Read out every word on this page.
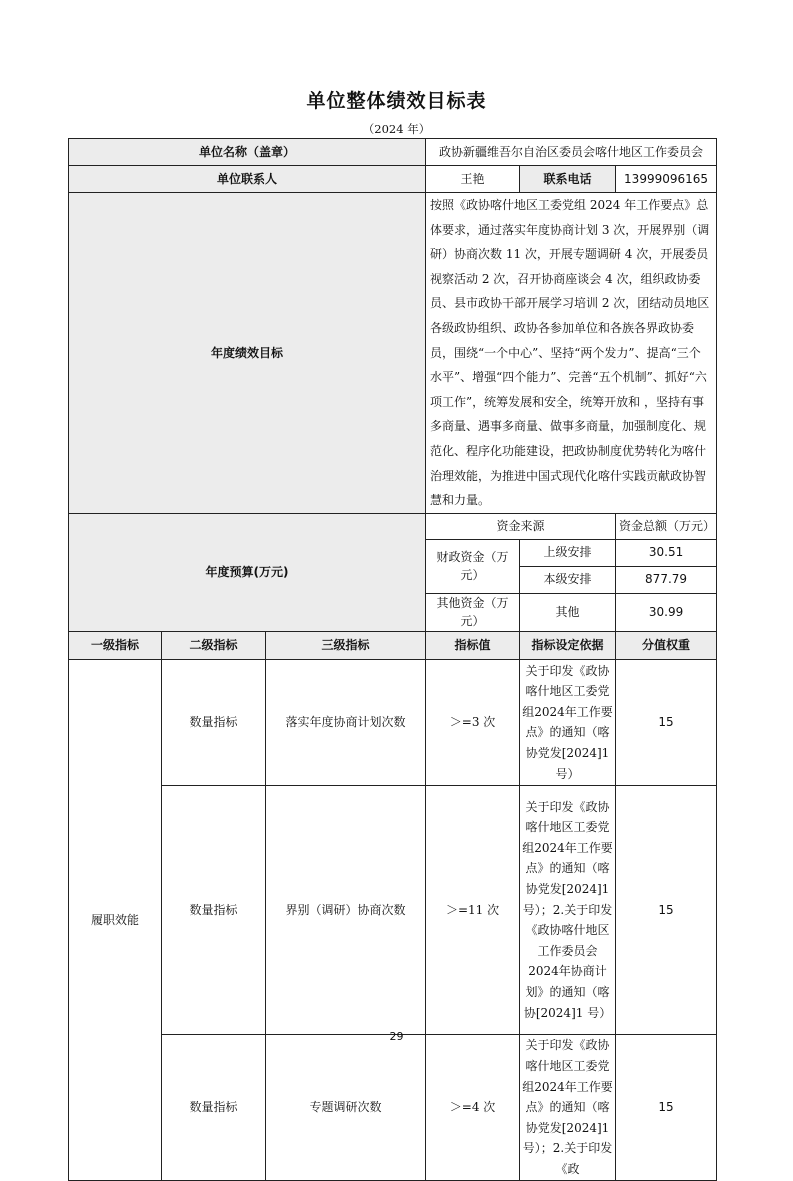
单位整体绩效目标表
（2024 年）
单位名称（盖章）			政协新疆维吾尔自治区委员会喀什地区工作委员会		
单位联系人			王艳	联系电话	13999096165
年度绩效目标			按照《政协喀什地区工委党组 2024 年工作要点》总体要求，通过落实年度协商计划 3 次，开展界别（调研）协商次数 11 次，开展专题调研 4 次，开展委员视察活动 2 次，召开协商座谈会 4 次，组织政协委员、县市政协干部开展学习培训 2 次，团结动员地区各级政协组织、政协各参加单位和各族各界政协委员，围绕“一个中心”、坚持“两个发力”、提高“三个水平”、增强“四个能力”、完善“五个机制”、抓好“六项工作”，统筹发展和安全，统筹开放和 ，坚持有事多商量、遇事多商量、做事多商量，加强制度化、规范化、程序化功能建设，把政协制度优势转化为喀什治理效能，为推进中国式现代化喀什实践贡献政协智慧和力量。		
年度预算(万元)			资金来源		资金总额（万元）
			财政资金（万元）	上级安排	30.51
				本级安排	877.79
			其他资金（万元）	其他	30.99
一级指标	二级指标	三级指标	指标值	指标设定依据	分值权重
履职效能	数量指标	落实年度协商计划次数	＞=3 次	关于印发《政协喀什地区工委党组2024年工作要点》的通知（喀协党发[2024]1 号）	15
	数量指标	界别（调研）协商次数	＞=11 次	关于印发《政协喀什地区工委党组2024年工作要点》的通知（喀协党发[2024]1 号）；2.关于印发《政协喀什地区工作委员会 2024年协商计划》的通知（喀协[2024]1 号）	15
	数量指标	专题调研次数	＞=4 次	关于印发《政协喀什地区工委党组2024年工作要点》的通知（喀协党发[2024]1 号）；2.关于印发《政	15
29
